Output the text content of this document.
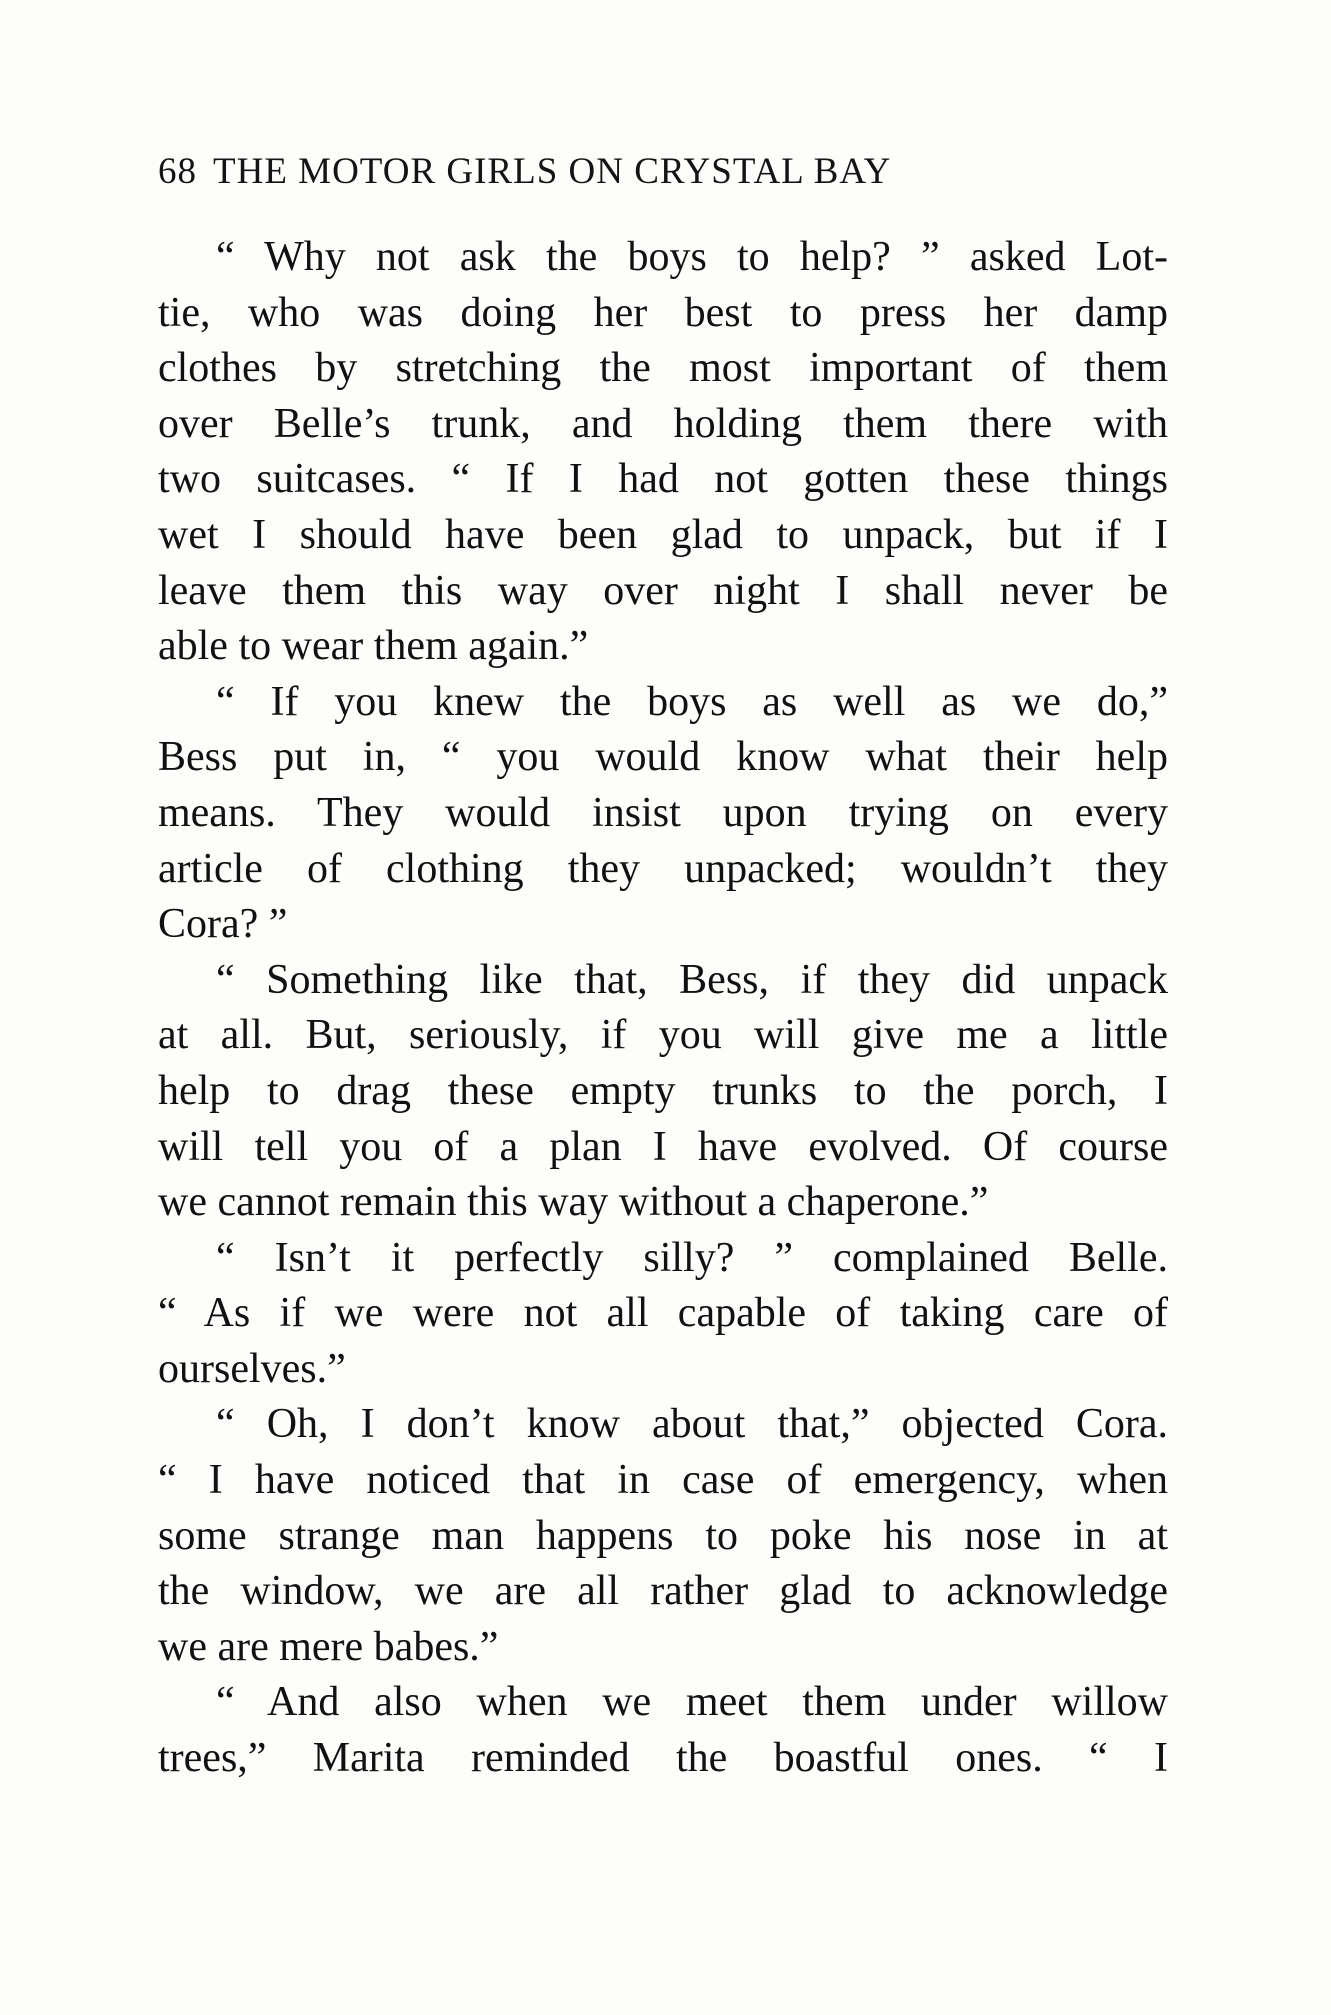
68 THE MOTOR GIRLS ON CRYSTAL BAY
“ Why not ask the boys to help? ” asked Lot-
tie, who was doing her best to press her damp
clothes by stretching the most important of them
over Belle’s trunk, and holding them there with
two suitcases. “ If I had not gotten these things
wet I should have been glad to unpack, but if I
leave them this way over night I shall never be
able to wear them again.”
“ If you knew the boys as well as we do,”
Bess put in, “ you would know what their help
means. They would insist upon trying on every
article of clothing they unpacked; wouldn’t they
Cora? ”
“ Something like that, Bess, if they did unpack
at all. But, seriously, if you will give me a little
help to drag these empty trunks to the porch, I
will tell you of a plan I have evolved. Of course
we cannot remain this way without a chaperone.”
“ Isn’t it perfectly silly? ” complained Belle.
“ As if we were not all capable of taking care of
ourselves.”
“ Oh, I don’t know about that,” objected Cora.
“ I have noticed that in case of emergency, when
some strange man happens to poke his nose in at
the window, we are all rather glad to acknowledge
we are mere babes.”
“ And also when we meet them under willow
trees,” Marita reminded the boastful ones. “ I
